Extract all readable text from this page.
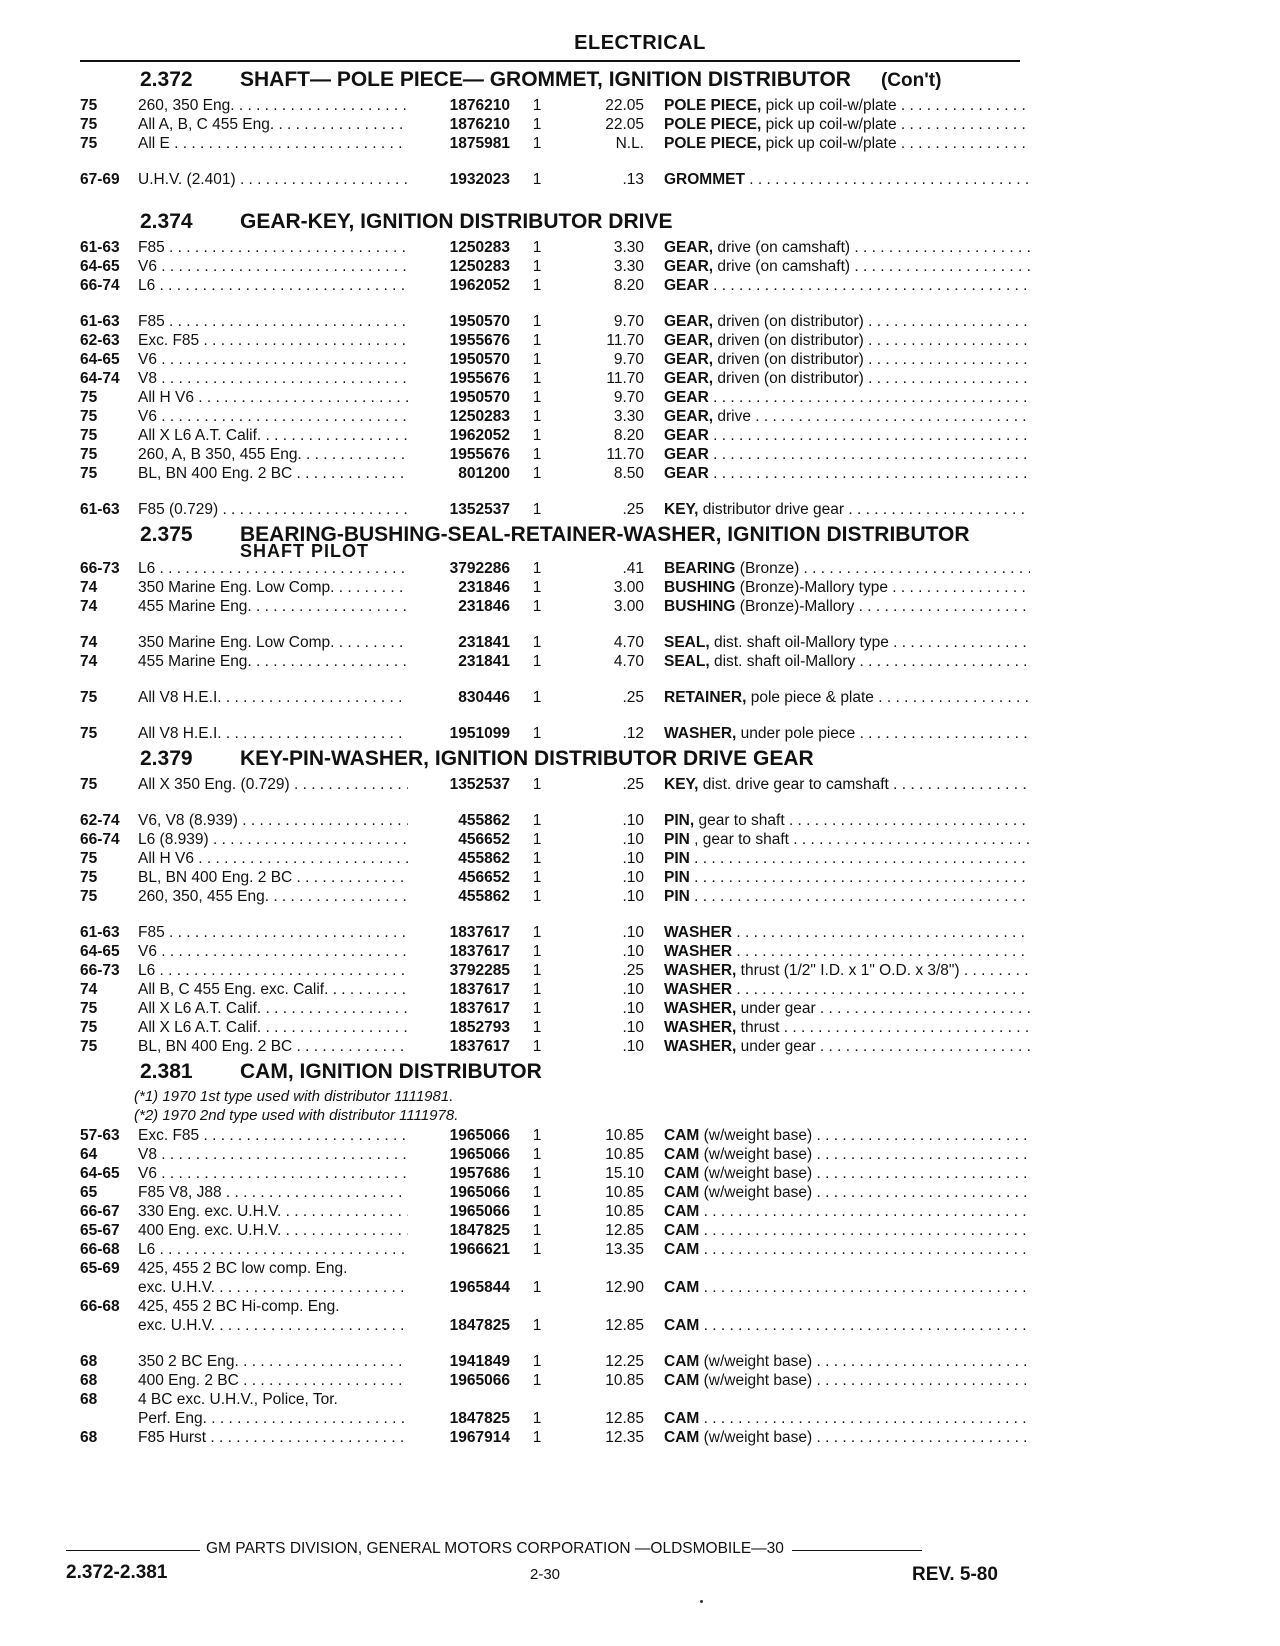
ELECTRICAL
2.372 SHAFT— POLE PIECE— GROMMET, IGNITION DISTRIBUTOR (Con't)
75	260, 350 Eng. . . .	1876210 1	22.05 POLE PIECE, pick up coil-w/plate . . .
75	All A, B, C 455 Eng. . . .	1876210 1	22.05 POLE PIECE, pick up coil-w/plate . . .
75	All E . . .	1875981 1	N.L. POLE PIECE, pick up coil-w/plate . . .
67-69	U.H.V. (2.401) . . .	1932023 1	.13 GROMMET . . .
2.374 GEAR-KEY, IGNITION DISTRIBUTOR DRIVE
61-63	F85 . . .	1250283 1	3.30 GEAR, drive (on camshaft) . . .
64-65	V6 . . .	1250283 1	3.30 GEAR, drive (on camshaft) . . .
66-74	L6 . . .	1962052 1	8.20 GEAR . . .
61-63	F85 . . .	1950570 1	9.70 GEAR, driven (on distributor) . . .
62-63	Exc. F85 . . .	1955676 1	11.70 GEAR, driven (on distributor) . . .
64-65	V6 . . .	1950570 1	9.70 GEAR, driven (on distributor) . . .
64-74	V8 . . .	1955676 1	11.70 GEAR, driven (on distributor) . . .
75	All H V6 . . .	1950570 1	9.70 GEAR . . .
75	V6 . . .	1250283 1	3.30 GEAR, drive . . .
75	All X L6 A.T. Calif. . . .	1962052 1	8.20 GEAR . . .
75	260, A, B 350, 455 Eng. . . .	1955676 1	11.70 GEAR . . .
75	BL, BN 400 Eng. 2 BC . . .	801200 1	8.50 GEAR . . .
61-63	F85 (0.729) . . .	1352537 1	.25 KEY, distributor drive gear . . .
2.375 BEARING-BUSHING-SEAL-RETAINER-WASHER, IGNITION DISTRIBUTOR
SHAFT PILOT
66-73	L6 . . .	3792286 1	.41 BEARING (Bronze) . . .
74	350 Marine Eng. Low Comp. . . .	231846 1	3.00 BUSHING (Bronze)-Mallory type . . .
74	455 Marine Eng. . . .	231846 1	3.00 BUSHING (Bronze)-Mallory . . .
74	350 Marine Eng. Low Comp. . . .	231841 1	4.70 SEAL, dist. shaft oil-Mallory type . . .
74	455 Marine Eng. . . .	231841 1	4.70 SEAL, dist. shaft oil-Mallory . . .
75	All V8 H.E.I. . . .	830446 1	.25 RETAINER, pole piece & plate . . .
75	All V8 H.E.I. . . .	1951099 1	.12 WASHER, under pole piece . . .
2.379 KEY-PIN-WASHER, IGNITION DISTRIBUTOR DRIVE GEAR
75	All X 350 Eng. (0.729) . . .	1352537 1	.25 KEY, dist. drive gear to camshaft . . .
62-74	V6, V8 (8.939) . . .	455862 1	.10 PIN, gear to shaft . . .
66-74	L6 (8.939) . . .	456652 1	.10 PIN , gear to shaft . . .
75	All H V6 . . .	455862 1	.10 PIN . . .
75	BL, BN 400 Eng. 2 BC . . .	456652 1	.10 PIN . . .
75	260, 350, 455 Eng. . . .	455862 1	.10 PIN . . .
61-63	F85 . . .	1837617 1	.10 WASHER . . .
64-65	V6 . . .	1837617 1	.10 WASHER . . .
66-73	L6 . . .	3792285 1	.25 WASHER, thrust (1/2" I.D. x 1" O.D. x 3/8") . . .
74	All B, C 455 Eng. exc. Calif. . . .	1837617 1	.10 WASHER . . .
75	All X L6 A.T. Calif. . . .	1837617 1	.10 WASHER, under gear . . .
75	All X L6 A.T. Calif. . . .	1852793 1	.10 WASHER, thrust . . .
75	BL, BN 400 Eng. 2 BC . . .	1837617 1	.10 WASHER, under gear . . .
2.381 CAM, IGNITION DISTRIBUTOR
(*1) 1970 1st type used with distributor 1111981.
(*2) 1970 2nd type used with distributor 1111978.
57-63	Exc. F85 . . .	1965066 1	10.85 CAM (w/weight base) . . .
64	V8 . . .	1965066 1	10.85 CAM (w/weight base) . . .
64-65	V6 . . .	1957686 1	15.10 CAM (w/weight base) . . .
65	F85 V8, J88 . . .	1965066 1	10.85 CAM (w/weight base) . . .
66-67	330 Eng. exc. U.H.V. . . .	1965066 1	10.85 CAM . . .
65-67	400 Eng. exc. U.H.V. . . .	1847825 1	12.85 CAM . . .
66-68	L6 . . .	1966621 1	13.35 CAM . . .
65-69	425, 455 2 BC low comp. Eng.
exc. U.H.V. . . .	1965844 1	12.90 CAM . . .
66-68	425, 455 2 BC Hi-comp. Eng.
exc. U.H.V. . . .	1847825 1	12.85 CAM . . .
68	350 2 BC Eng. . . .	1941849 1	12.25 CAM (w/weight base) . . .
68	400 Eng. 2 BC . . .	1965066 1	10.85 CAM (w/weight base) . . .
68	4 BC exc. U.H.V., Police, Tor.
Perf. Eng. . . .	1847825 1	12.85 CAM . . .
68	F85 Hurst . . .	1967914 1	12.35 CAM (w/weight base) . . .
GM PARTS DIVISION, GENERAL MOTORS CORPORATION —OLDSMOBILE—30
2.372-2.381	2-30	REV. 5-80
